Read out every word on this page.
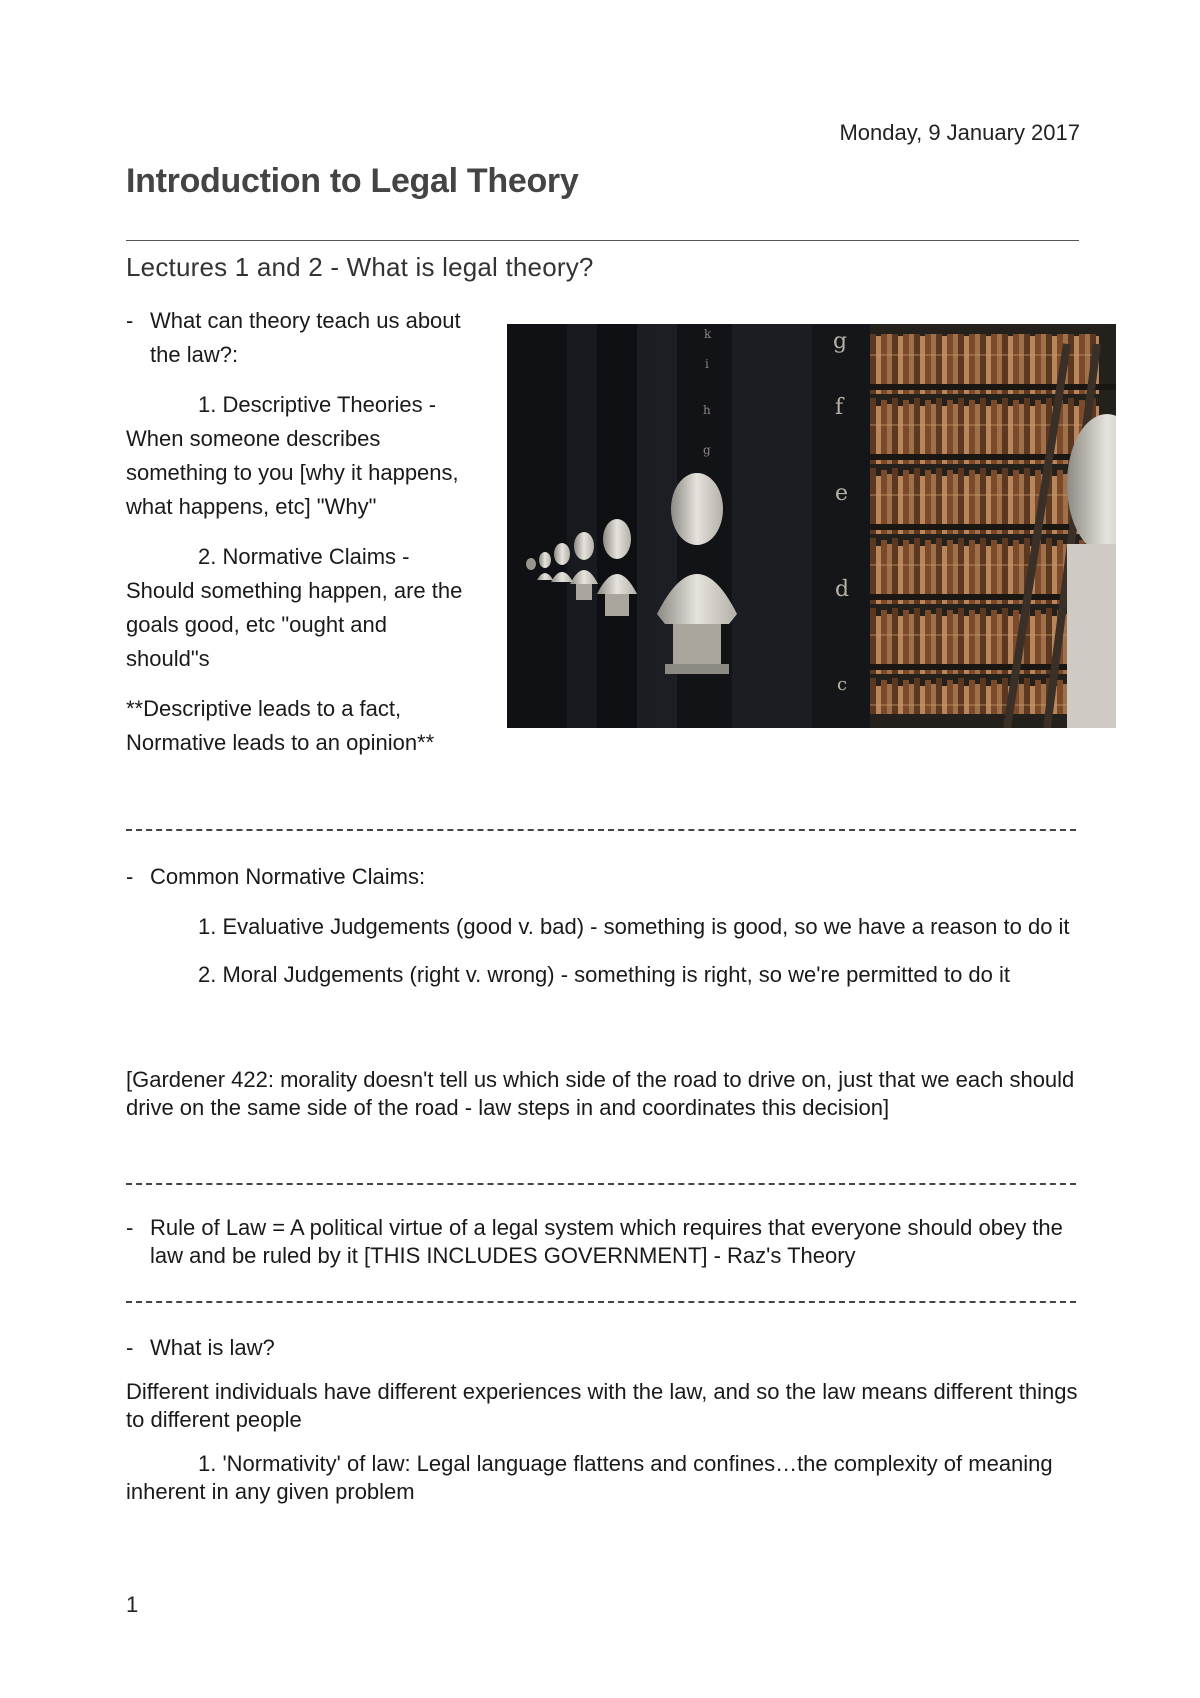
Monday, 9 January 2017
Introduction to Legal Theory
Lectures 1 and 2 - What is legal theory?
- What can theory teach us about the law?:
1. Descriptive Theories - When someone describes something to you [why it happens, what happens, etc] "Why"
2. Normative Claims - Should something happen, are the goals good, etc "ought and should"s
**Descriptive leads to a fact, Normative leads to an opinion**
g
f
e
d
c
k
i
h
g
- Common Normative Claims:
1. Evaluative Judgements (good v. bad) - something is good, so we have a reason to do it
2. Moral Judgements (right v. wrong) - something is right, so we're permitted to do it
[Gardener 422: morality doesn't tell us which side of the road to drive on, just that we each should drive on the same side of the road - law steps in and coordinates this decision]
- Rule of Law = A political virtue of a legal system which requires that everyone should obey the law and be ruled by it [THIS INCLUDES GOVERNMENT] - Raz's Theory
- What is law?
Different individuals have different experiences with the law, and so the law means different things to different people
1. 'Normativity' of law: Legal language flattens and confines…the complexity of meaning inherent in any given problem
1
